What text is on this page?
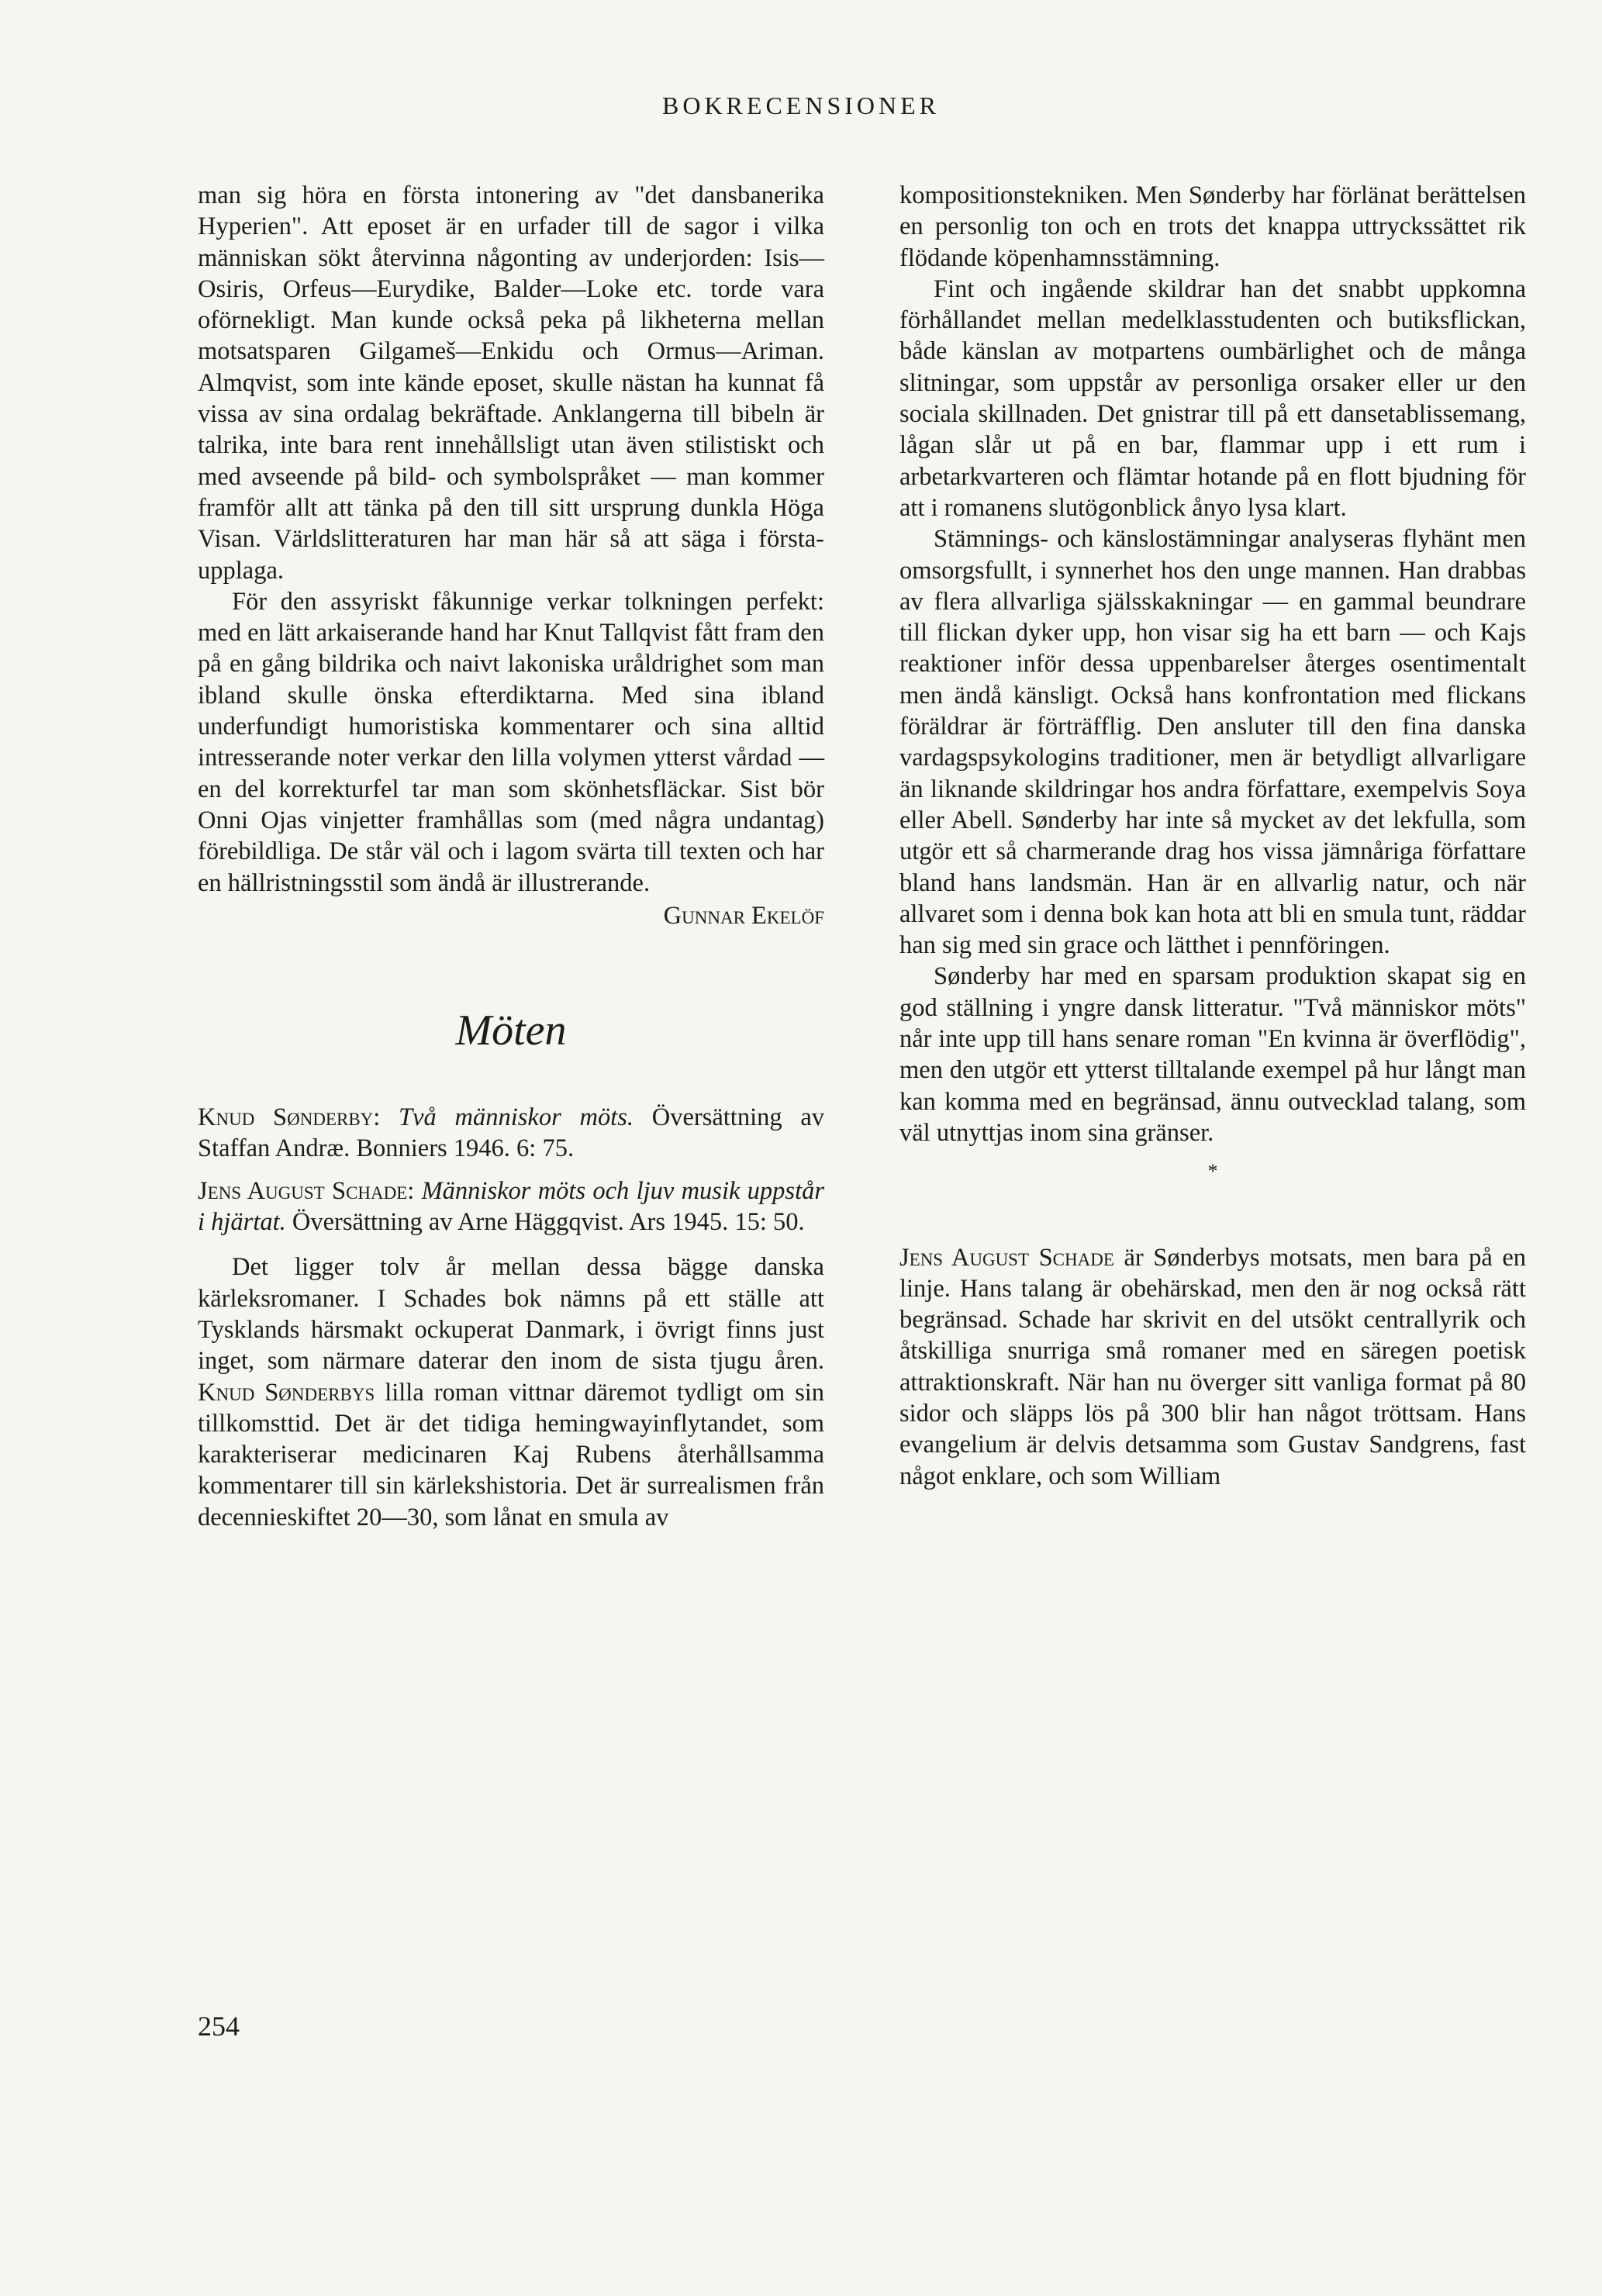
BOKRECENSIONER

man sig höra en första intonering av "det dansbanerika Hyperien". Att eposet är en urfader till de sagor i vilka människan sökt återvinna någonting av underjorden: Isis—Osiris, Orfeus—Eurydike, Balder—Loke etc. torde vara oförnekligt. Man kunde också peka på likheterna mellan motsatsparen Gilgameš—Enkidu och Ormus—Ariman. Almqvist, som inte kände eposet, skulle nästan ha kunnat få vissa av sina ordalag bekräftade. Anklangerna till bibeln är talrika, inte bara rent innehållsligt utan även stilistiskt och med avseende på bild- och symbolspråket — man kommer framför allt att tänka på den till sitt ursprung dunkla Höga Visan. Världslitteraturen har man här så att säga i första-upplaga.

För den assyriskt fåkunnige verkar tolkningen perfekt: med en lätt arkaiserande hand har Knut Tallqvist fått fram den på en gång bildrika och naivt lakoniska uråldrighet som man ibland skulle önska efterdiktarna. Med sina ibland underfundigt humoristiska kommentarer och sina alltid intresserande noter verkar den lilla volymen ytterst vårdad — en del korrekturfel tar man som skönhetsfläckar. Sist bör Onni Ojas vinjetter framhållas som (med några undantag) förebildliga. De står väl och i lagom svärta till texten och har en hällristningsstil som ändå är illustrerande.

Gunnar Ekelöf
Möten

Knud Sønderby: Två människor möts. Översättning av Staffan Andræ. Bonniers 1946. 6: 75.

Jens August Schade: Människor möts och ljuv musik uppstår i hjärtat. Översättning av Arne Häggqvist. Ars 1945. 15: 50.

Det ligger tolv år mellan dessa bägge danska kärleksromaner. I Schades bok nämns på ett ställe att Tysklands härsmakt ockuperat Danmark, i övrigt finns just inget, som närmare daterar den inom de sista tjugu åren. Knud Sønderbys lilla roman vittnar däremot tydligt om sin tillkomsttid. Det är det tidiga hemingwayinflytandet, som karakteriserar medicinaren Kaj Rubens återhållsamma kommentarer till sin kärlekshistoria. Det är surrealismen från decennieskiftet 20—30, som lånat en smula av

kompositionstekniken. Men Sønderby har förlänat berättelsen en personlig ton och en trots det knappa uttryckssättet rik flödande köpenhamnsstämning.

Fint och ingående skildrar han det snabbt uppkomna förhållandet mellan medelklasstudenten och butiksflickan, både känslan av motpartens oumbärlighet och de många slitningar, som uppstår av personliga orsaker eller ur den sociala skillnaden. Det gnistrar till på ett dansetablissemang, lågan slår ut på en bar, flammar upp i ett rum i arbetarkvarteren och flämtar hotande på en flott bjudning för att i romanens slutögonblick ånyo lysa klart.

Stämnings- och känslostämningar analyseras flyhänt men omsorgsfullt, i synnerhet hos den unge mannen. Han drabbas av flera allvarliga själsskakningar — en gammal beundrare till flickan dyker upp, hon visar sig ha ett barn — och Kajs reaktioner inför dessa uppenbarelser återges osentimentalt men ändå känsligt. Också hans konfrontation med flickans föräldrar är förträfflig. Den ansluter till den fina danska vardagspsykologins traditioner, men är betydligt allvarligare än liknande skildringar hos andra författare, exempelvis Soya eller Abell. Sønderby har inte så mycket av det lekfulla, som utgör ett så charmerande drag hos vissa jämnåriga författare bland hans landsmän. Han är en allvarlig natur, och när allvaret som i denna bok kan hota att bli en smula tunt, räddar han sig med sin grace och lätthet i pennföringen.

Sønderby har med en sparsam produktion skapat sig en god ställning i yngre dansk litteratur. "Två människor möts" når inte upp till hans senare roman "En kvinna är överflödig", men den utgör ett ytterst tilltalande exempel på hur långt man kan komma med en begränsad, ännu outvecklad talang, som väl utnyttjas inom sina gränser.

*

Jens August Schade är Sønderbys motsats, men bara på en linje. Hans talang är obehärskad, men den är nog också rätt begränsad. Schade har skrivit en del utsökt centrallyrik och åtskilliga snurriga små romaner med en säregen poetisk attraktionskraft. När han nu överger sitt vanliga format på 80 sidor och släpps lös på 300 blir han något tröttsam. Hans evangelium är delvis detsamma som Gustav Sandgrens, fast något enklare, och som William

254
